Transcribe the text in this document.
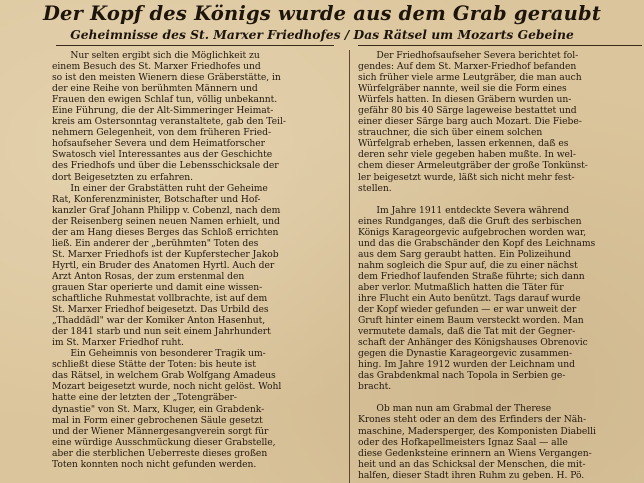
Der Kopf des Königs wurde aus dem Grab geraubt
Geheimnisse des St. Marxer Friedhofes / Das Rätsel um Mozarts Gebeine
Nur selten ergibt sich die Möglichkeit zu
einem Besuch des St. Marxer Friedhofes und
so ist den meisten Wienern diese Gräberstätte, in
der eine Reihe von berühmten Männern und
Frauen den ewigen Schlaf tun, völlig unbekannt.
Eine Führung, die der Alt-Simmeringer Heimat-
kreis am Ostersonntag veranstaltete, gab den Teil-
nehmern Gelegenheit, von dem früheren Fried-
hofsaufseher Severa und dem Heimatforscher
Swatosch viel Interessantes aus der Geschichte
des Friedhofs und über die Lebensschicksale der
dort Beigesetzten zu erfahren.
In einer der Grabstätten ruht der Geheime
Rat, Konferenzminister, Botschafter und Hof-
kanzler Graf Johann Philipp v. Cobenzl, nach dem
der Reisenberg seinen neuen Namen erhielt, und
der am Hang dieses Berges das Schloß errichten
ließ. Ein anderer der „berühmten" Toten des
St. Marxer Friedhofs ist der Kupferstecher Jakob
Hyrtl, ein Bruder des Anatomen Hyrtl. Auch der
Arzt Anton Rosas, der zum erstenmal den
grauen Star operierte und damit eine wissen-
schaftliche Ruhmestat vollbrachte, ist auf dem
St. Marxer Friedhof beigesetzt. Das Urbild des
„Thaddädl" war der Komiker Anton Hasenhut,
der 1841 starb und nun seit einem Jahrhundert
im St. Marxer Friedhof ruht.
Ein Geheimnis von besonderer Tragik um-
schließt diese Stätte der Toten: bis heute ist
das Rätsel, in welchem Grab Wolfgang Amadeus
Mozart beigesetzt wurde, noch nicht gelöst. Wohl
hatte eine der letzten der „Totengräber-
dynastie" von St. Marx, Kluger, ein Grabdenk-
mal in Form einer gebrochenen Säule gesetzt
und der Wiener Männergesangverein sorgt für
eine würdige Ausschmückung dieser Grabstelle,
aber die sterblichen Ueberreste dieses großen
Toten konnten noch nicht gefunden werden.
Der Friedhofsaufseher Severa berichtet fol-
gendes: Auf dem St. Marxer-Friedhof befanden
sich früher viele arme Leutgräber, die man auch
Würfelgräber nannte, weil sie die Form eines
Würfels hatten. In diesen Gräbern wurden un-
gefähr 80 bis 40 Särge lageweise bestattet und
einer dieser Särge barg auch Mozart. Die Fiebe-
strauchner, die sich über einem solchen
Würfelgrab erheben, lassen erkennen, daß es
deren sehr viele gegeben haben mußte. In wel-
chem dieser Armeleutgräber der große Tonkünst-
ler beigesetzt wurde, läßt sich nicht mehr fest-
stellen.
Im Jahre 1911 entdeckte Severa während
eines Rundganges, daß die Gruft des serbischen
Königs Karageorgevic aufgebrochen worden war,
und das die Grabschänder den Kopf des Leichnams
aus dem Sarg geraubt hatten. Ein Polizeihund
nahm sogleich die Spur auf, die zu einer nächst
dem Friedhof laufenden Straße führte; sich dann
aber verlor. Mutmaßlich hatten die Täter für
ihre Flucht ein Auto benützt. Tags darauf wurde
der Kopf wieder gefunden — er war unweit der
Gruft hinter einem Baum versteckt worden. Man
vermutete damals, daß die Tat mit der Gegner-
schaft der Anhänger des Königshauses Obrenovic
gegen die Dynastie Karageorgevic zusammen-
hing. Im Jahre 1912 wurden der Leichnam und
das Grabdenkmal nach Topola in Serbien ge-
bracht.
Ob man nun am Grabmal der Therese
Krones steht oder an dem des Erfinders der Näh-
maschine, Madersperger, des Komponisten Diabelli
oder des Hofkapellmeisters Ignaz Saal — alle
diese Gedenksteine erinnern an Wiens Vergangen-
heit und an das Schicksal der Menschen, die mit-
halfen, dieser Stadt ihren Ruhm zu geben. H. Pö.
